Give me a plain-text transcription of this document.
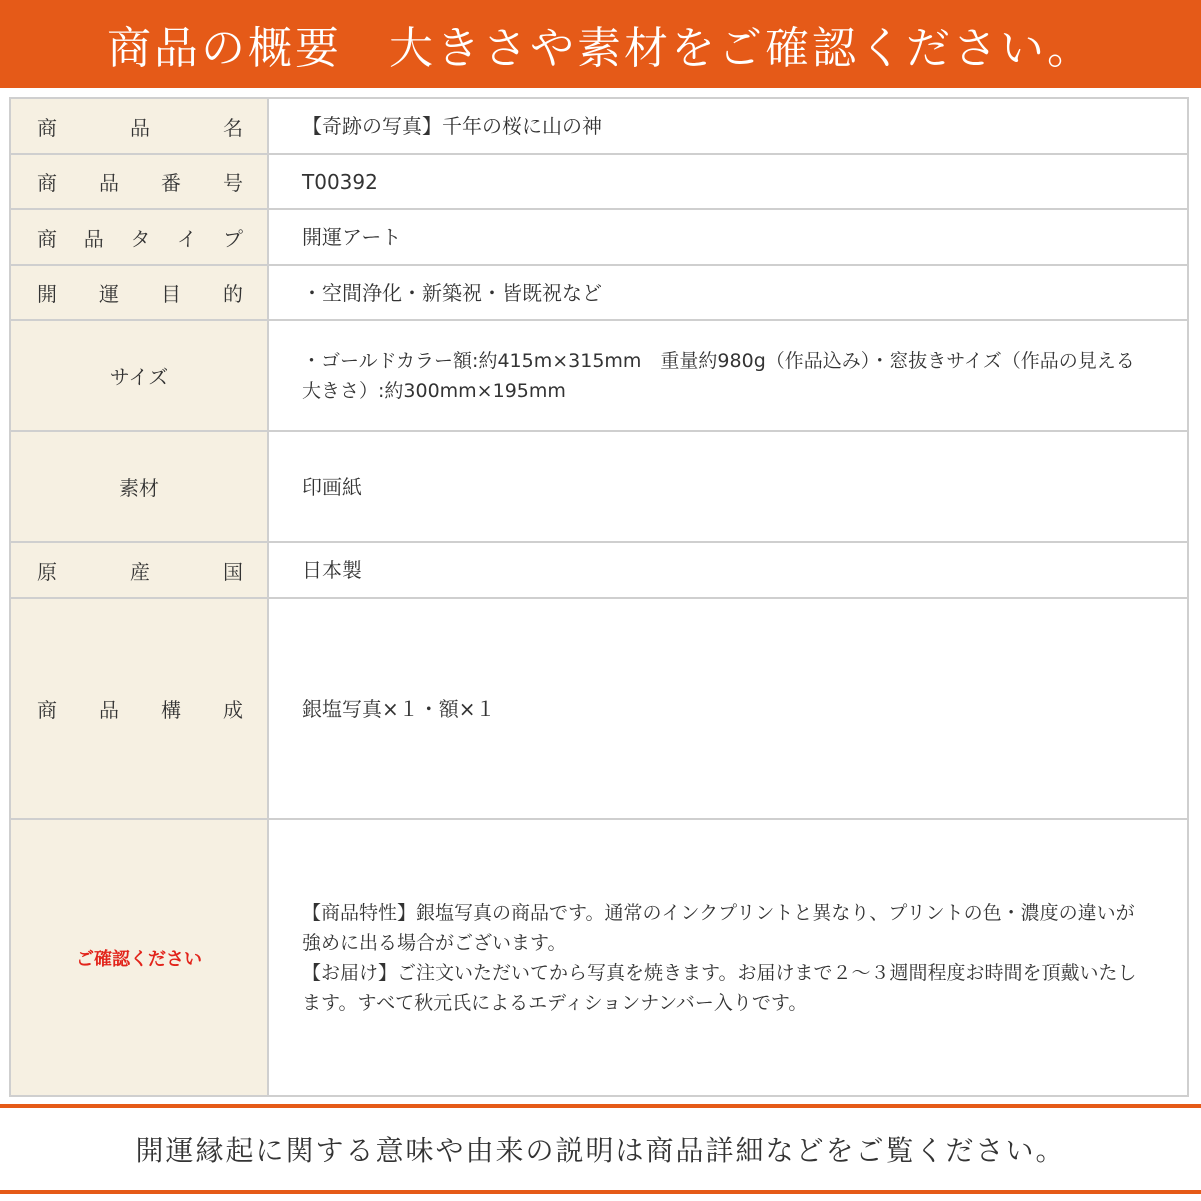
商品の概要　大きさや素材をご確認ください。
商　品　名	【奇跡の写真】千年の桜に山の神
商品番号	T00392
商品タイプ	開運アート
開運目的	・空間浄化・新築祝・皆既祝など
サイズ	・ゴールドカラー額:約415m×315mm　重量約980g（作品込み）・窓抜きサイズ（作品の見える大きさ）:約300mm×195mm
素材	印画紙
原　産　国	日本製
商品構成	銀塩写真×１・額×１
ご確認ください	【商品特性】銀塩写真の商品です。通常のインクプリントと異なり、プリントの色・濃度の違いが強めに出る場合がございます。
【お届け】ご注文いただいてから写真を焼きます。お届けまで２〜３週間程度お時間を頂戴いたします。すべて秋元氏によるエディションナンバー入りです。
開運縁起に関する意味や由来の説明は商品詳細などをご覧ください。
